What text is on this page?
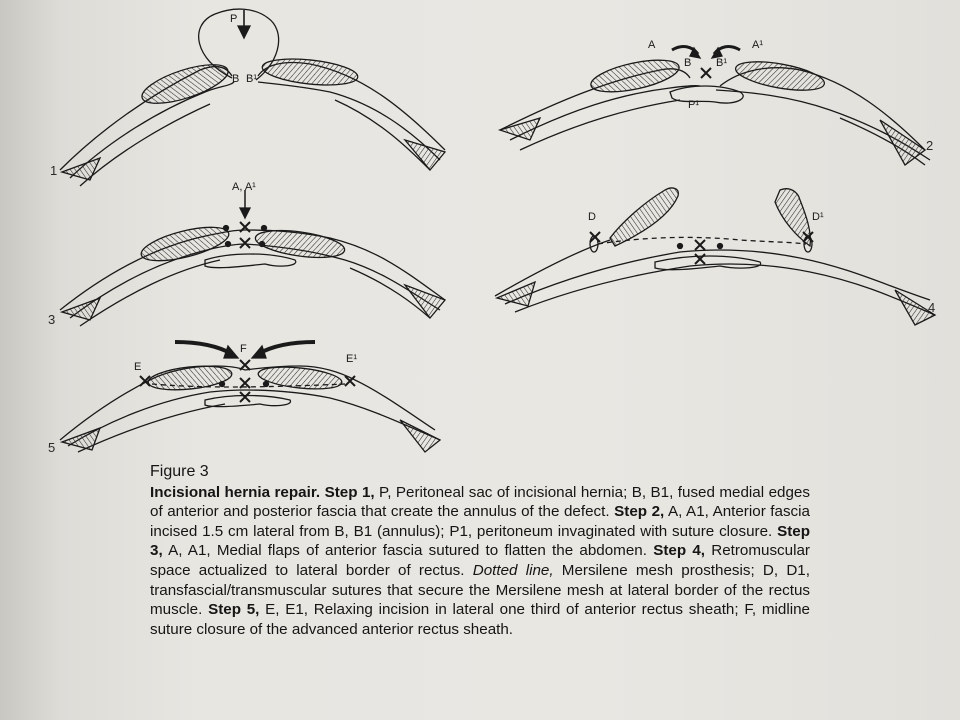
P
B B¹
A	A¹
B B¹
P¹
A, A¹
D	D¹
E
E¹
F
1
2
3
4
5
Figure 3
Incisional hernia repair. Step 1, P, Peritoneal sac of incisional hernia; B, B1, fused medial edges of anterior and posterior fascia that create the annulus of the defect. Step 2, A, A1, Anterior fascia incised 1.5 cm lateral from B, B1 (annulus); P1, peritoneum invaginated with suture closure. Step 3, A, A1, Medial flaps of anterior fascia sutured to flatten the abdomen. Step 4, Retromuscular space actualized to lateral border of rectus. Dotted line, Mersilene mesh prosthesis; D, D1, transfascial/transmuscular sutures that secure the Mersilene mesh at lateral border of the rectus muscle. Step 5, E, E1, Relaxing incision in lateral one third of anterior rectus sheath; F, midline suture closure of the advanced anterior rectus sheath.
